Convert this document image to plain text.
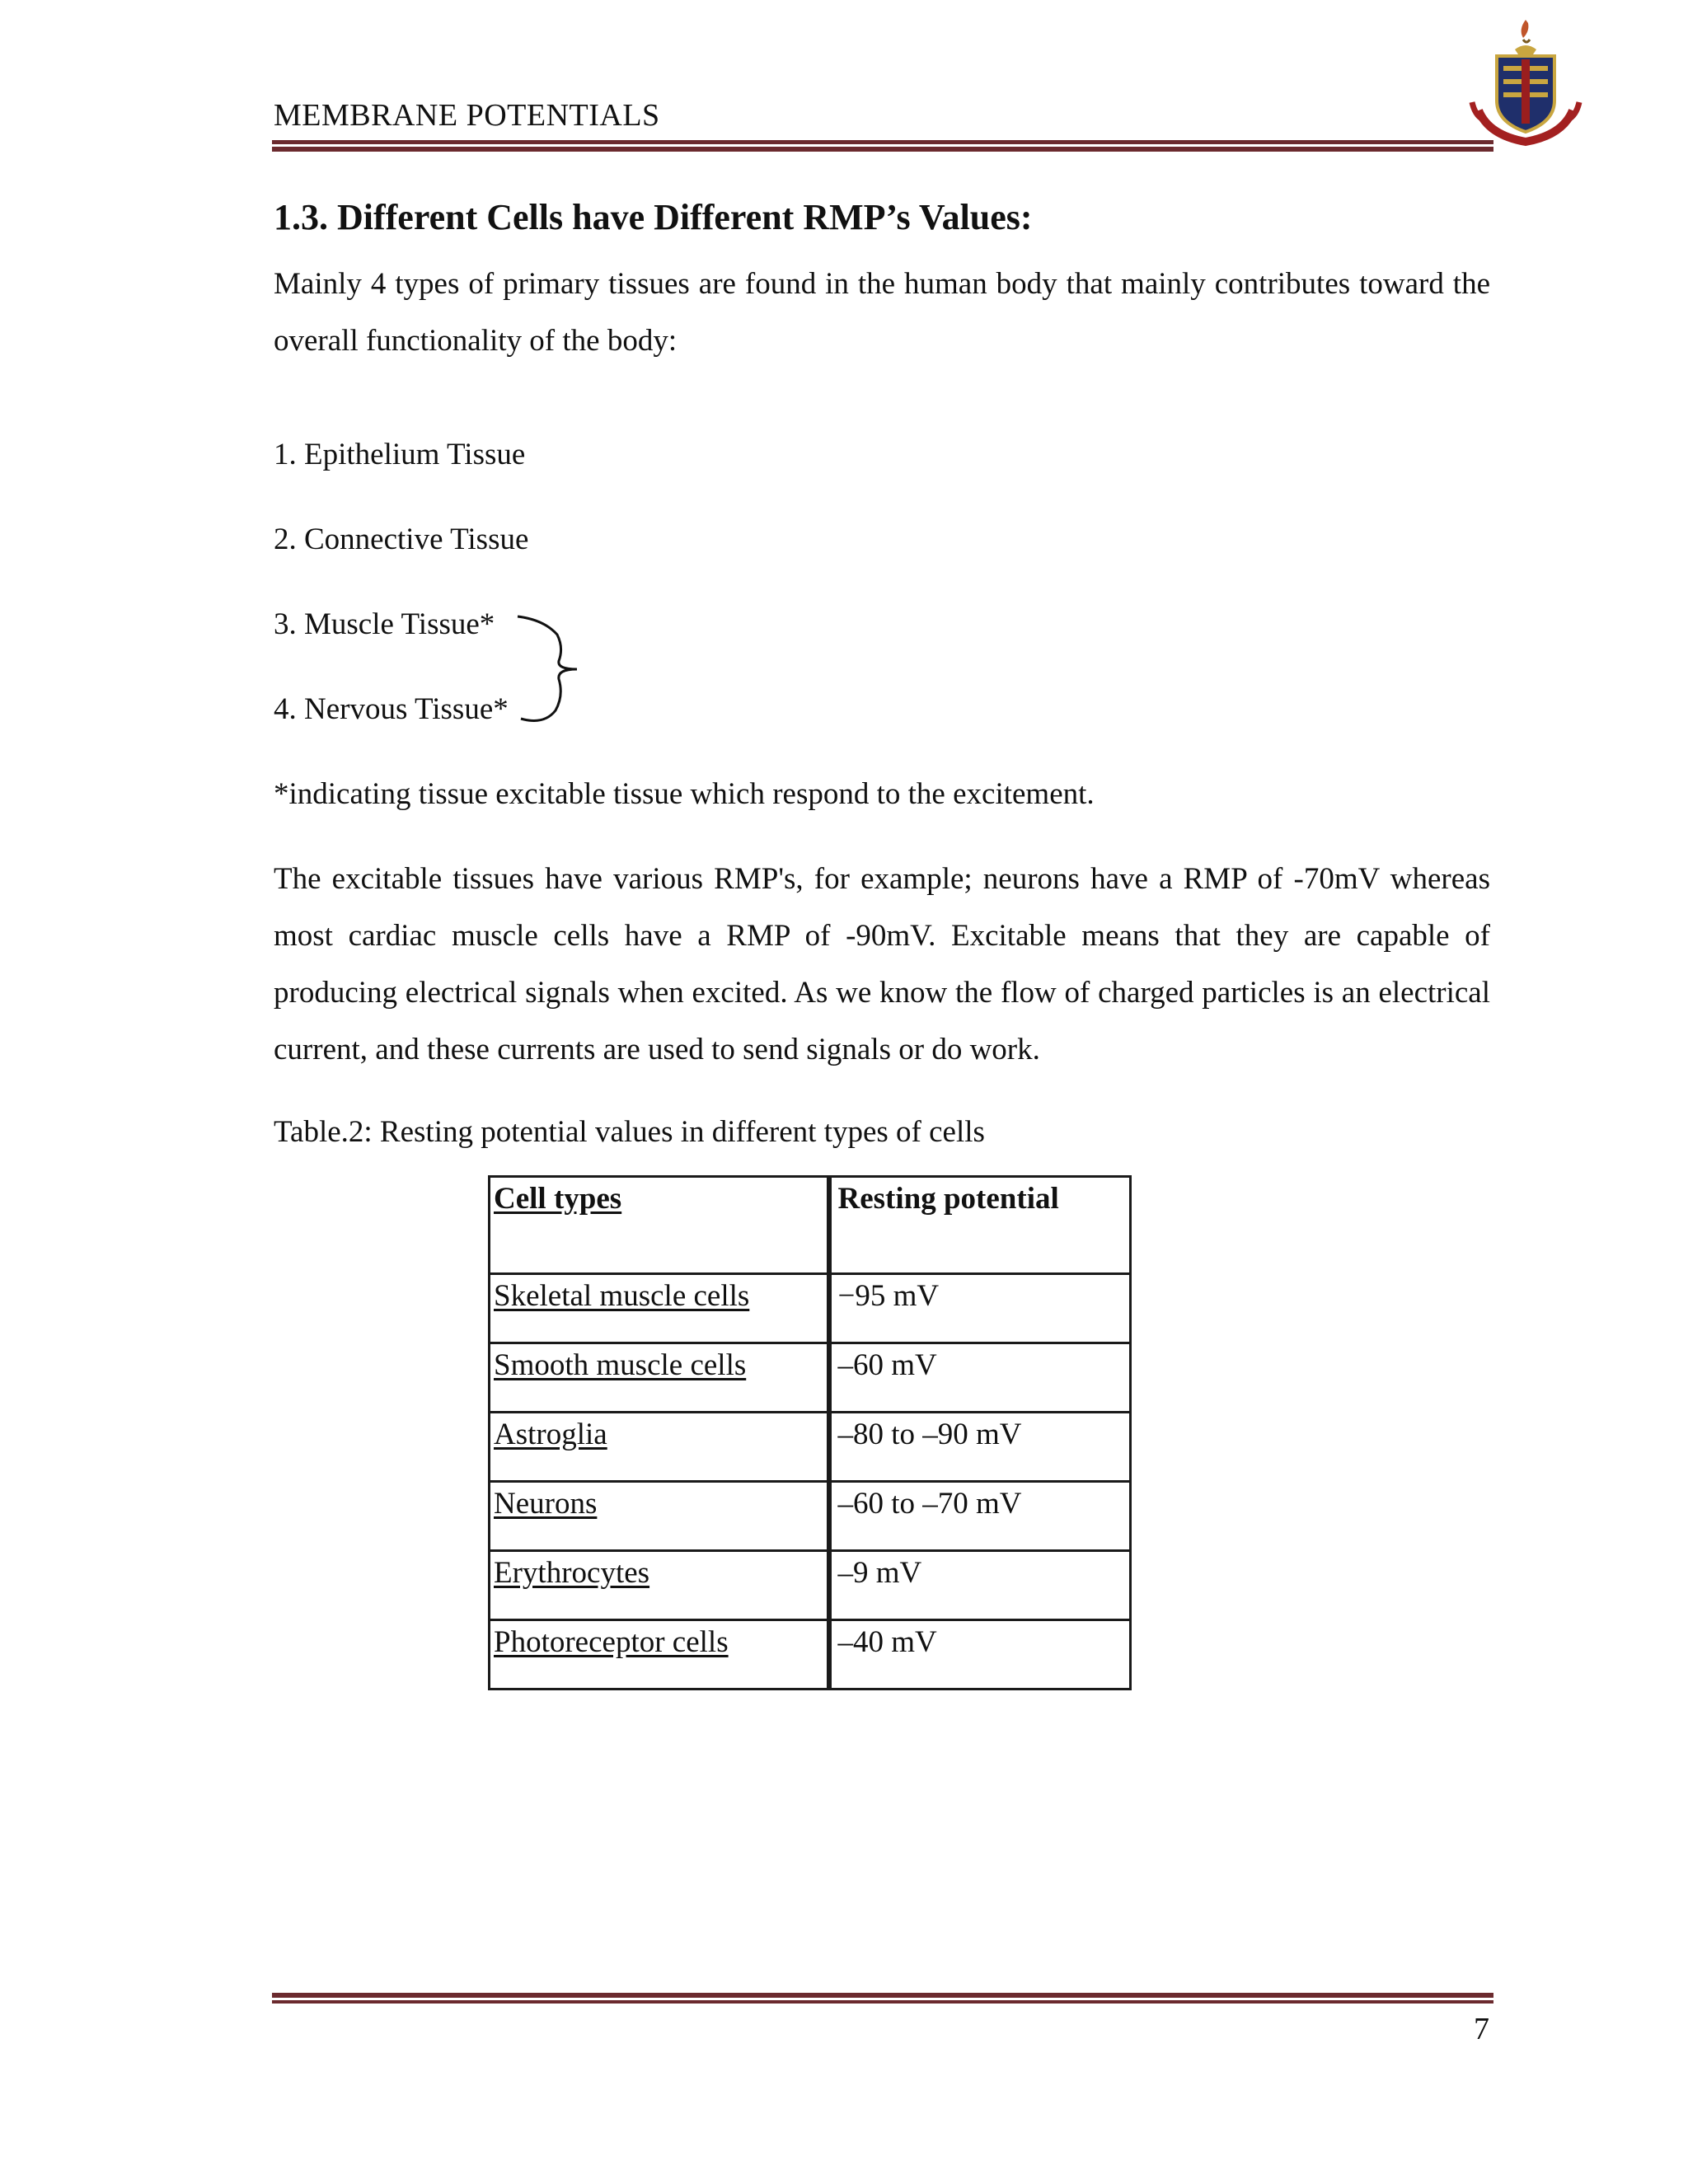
MEMBRANE POTENTIALS
1.3. Different Cells have Different RMP’s Values:
Mainly 4 types of primary tissues are found in the human body that mainly contributes toward the overall functionality of the body:
1. Epithelium Tissue
2. Connective Tissue
3. Muscle Tissue*
4. Nervous Tissue*
*indicating tissue excitable tissue which respond to the excitement.
The excitable tissues have various RMP's, for example; neurons have a RMP of -70mV whereas most cardiac muscle cells have a RMP of -90mV. Excitable means that they are capable of producing electrical signals when excited. As we know the flow of charged particles is an electrical current, and these currents are used to send signals or do work.
Table.2: Resting potential values in different types of cells
Cell types	Resting potential
Skeletal muscle cells	−95 mV
Smooth muscle cells	–60 mV
Astroglia	–80 to –90 mV
Neurons	–60 to –70 mV
Erythrocytes	–9 mV
Photoreceptor cells	–40 mV
7
